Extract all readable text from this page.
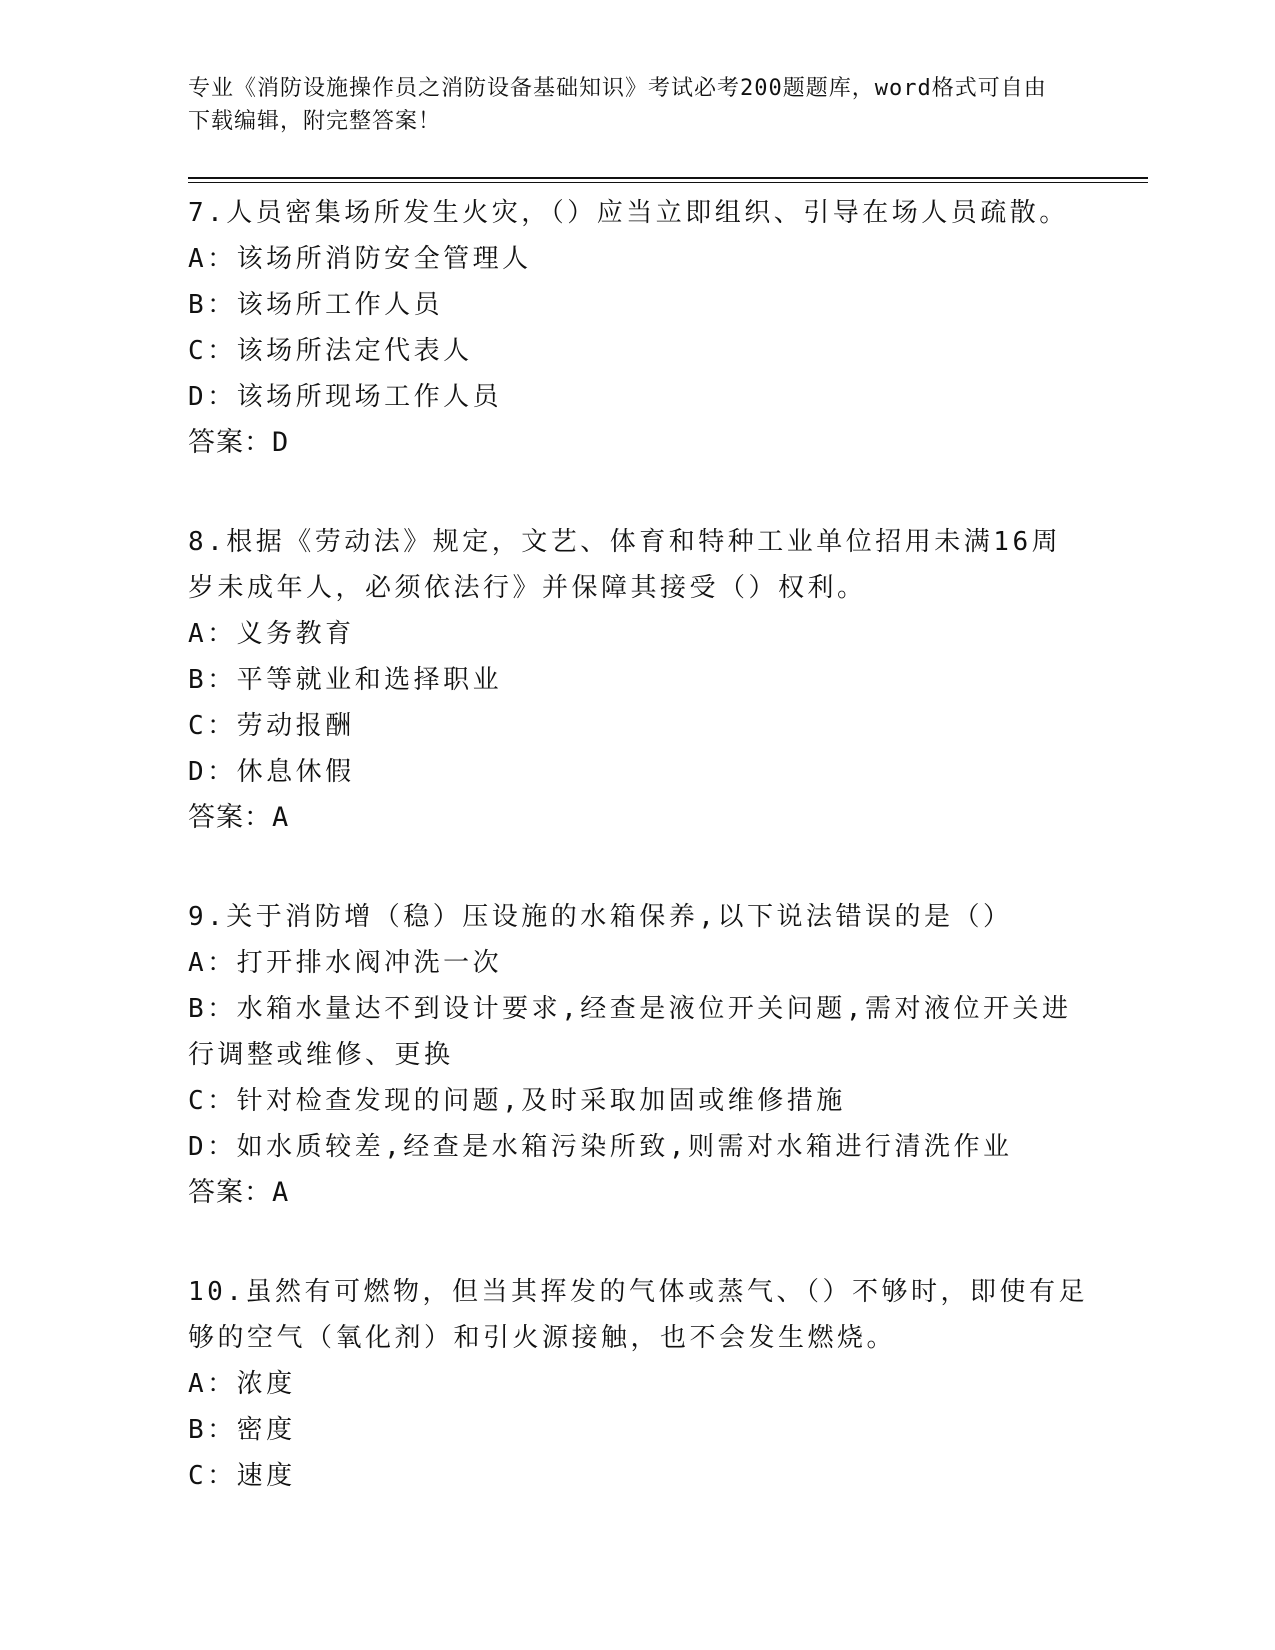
专业《消防设施操作员之消防设备基础知识》考试必考200题题库，word格式可自由下载编辑，附完整答案！
7.人员密集场所发生火灾，（）应当立即组织、引导在场人员疏散。
A：该场所消防安全管理人
B：该场所工作人员
C：该场所法定代表人
D：该场所现场工作人员
答案：D
8.根据《劳动法》规定，文艺、体育和特种工业单位招用未满16周岁未成年人，必须依法行》并保障其接受（）权利。
A：义务教育
B：平等就业和选择职业
C：劳动报酬
D：休息休假
答案：A
9.关于消防增（稳）压设施的水箱保养,以下说法错误的是（）
A：打开排水阀冲洗一次
B：水箱水量达不到设计要求,经查是液位开关问题,需对液位开关进行调整或维修、更换
C：针对检查发现的问题,及时采取加固或维修措施
D：如水质较差,经查是水箱污染所致,则需对水箱进行清洗作业
答案：A
10.虽然有可燃物，但当其挥发的气体或蒸气、（）不够时，即使有足够的空气（氧化剂）和引火源接触，也不会发生燃烧。
A：浓度
B：密度
C：速度
